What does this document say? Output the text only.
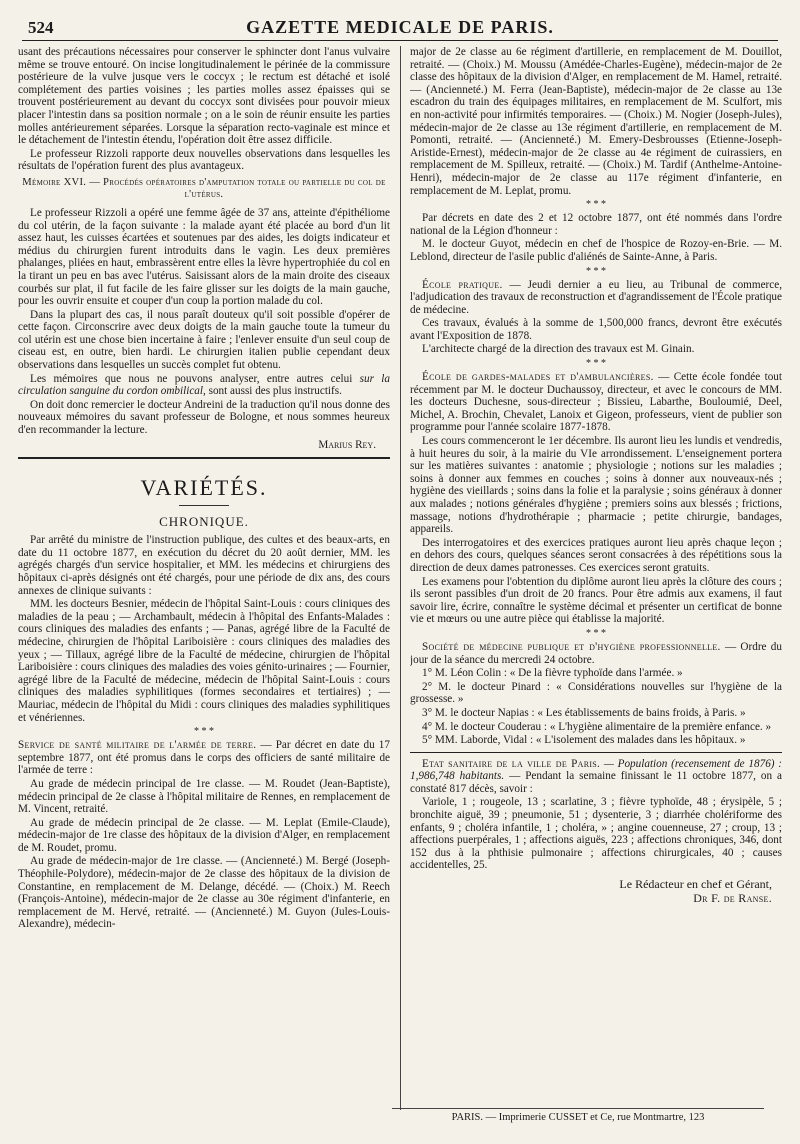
524	GAZETTE MEDICALE DE PARIS.

usant des précautions nécessaires pour conserver le sphincter dont l'anus vulvaire même se trouve entouré. On incise longitudinalement le périnée de la commissure postérieure de la vulve jusque vers le coccyx ; le rectum est détaché et isolé complétement des parties voisines ; les parties molles assez épaisses qui se trouvent postérieurement au devant du coccyx sont divisées pour pouvoir mieux placer l'intestin dans sa position normale ; on a le soin de réunir ensuite les parties molles antérieurement séparées. Lorsque la séparation recto-vaginale est mince et le détachement de l'intestin étendu, l'opération doit être assez difficile.

Le professeur Rizzoli rapporte deux nouvelles observations dans lesquelles les résultats de l'opération furent des plus avantageux.

Mémoire XVI. — Procédés opératoires d'amputation totale ou partielle du col de l'utérus.

Le professeur Rizzoli a opéré une femme âgée de 37 ans, atteinte d'épithéliome du col utérin, de la façon suivante : la malade ayant été placée au bord d'un lit assez haut, les cuisses écartées et soutenues par des aides, les doigts indicateur et médius du chirurgien furent introduits dans le vagin. Les deux premières phalanges, pliées en haut, embrassèrent entre elles la lèvre hypertrophiée du col en la tirant un peu en bas avec l'utérus. Saisissant alors de la main droite des ciseaux courbés sur plat, il fut facile de les faire glisser sur les doigts de la main gauche, pour les ouvrir ensuite et couper d'un coup la portion malade du col.

Dans la plupart des cas, il nous paraît douteux qu'il soit possible d'opérer de cette façon. Circonscrire avec deux doigts de la main gauche toute la tumeur du col utérin est une chose bien incertaine à faire ; l'enlever ensuite d'un seul coup de ciseau est, en outre, bien hardi. Le chirurgien italien publie cependant deux observations dans lesquelles un succès complet fut obtenu.

Les mémoires que nous ne pouvons analyser, entre autres celui sur la circulation sanguine du cordon ombilical, sont aussi des plus instructifs.

On doit donc remercier le docteur Andreini de la traduction qu'il nous donne des nouveaux mémoires du savant professeur de Bologne, et nous sommes heureux d'en recommander la lecture.

Marius Rey.

VARIÉTÉS.
CHRONIQUE.

Par arrêté du ministre de l'instruction publique, des cultes et des beaux-arts, en date du 11 octobre 1877, en exécution du décret du 20 août dernier, MM. les agrégés chargés d'un service hospitalier, et MM. les médecins et chirurgiens des hôpitaux ci-après désignés ont été chargés, pour une période de dix ans, des cours annexes de clinique suivants :

MM. les docteurs Besnier, médecin de l'hôpital Saint-Louis : cours cliniques des maladies de la peau ; — Archambault, médecin à l'hôpital des Enfants-Malades : cours cliniques des maladies des enfants ; — Panas, agrégé libre de la Faculté de médecine, chirurgien de l'hôpital Lariboisière : cours cliniques des maladies des yeux ; — Tillaux, agrégé libre de la Faculté de médecine, chirurgien de l'hôpital Lariboisière : cours cliniques des maladies des voies génito-urinaires ; — Fournier, agrégé libre de la Faculté de médecine, médecin de l'hôpital Saint-Louis : cours cliniques des maladies syphilitiques (formes secondaires et tertiaires) ; — Mauriac, médecin de l'hôpital du Midi : cours cliniques des maladies syphilitiques et vénériennes.

* * *

Service de santé militaire de l'armée de terre. — Par décret en date du 17 septembre 1877, ont été promus dans le corps des officiers de santé militaire de l'armée de terre :

Au grade de médecin principal de 1re classe. — M. Roudet (Jean-Baptiste), médecin principal de 2e classe à l'hôpital militaire de Rennes, en remplacement de M. Vincent, retraité.

Au grade de médecin principal de 2e classe. — M. Leplat (Emile-Claude), médecin-major de 1re classe des hôpitaux de la division d'Alger, en remplacement de M. Roudet, promu.

Au grade de médecin-major de 1re classe. — (Ancienneté.) M. Bergé (Joseph-Théophile-Polydore), médecin-major de 2e classe des hôpitaux de la division de Constantine, en remplacement de M. Delange, décédé. — (Choix.) M. Reech (François-Antoine), médecin-major de 2e classe au 30e régiment d'infanterie, en remplacement de M. Hervé, retraité. — (Ancienneté.) M. Guyon (Jules-Louis-Alexandre), médecin-

major de 2e classe au 6e régiment d'artillerie, en remplacement de M. Douillot, retraité. — (Choix.) M. Moussu (Amédée-Charles-Eugène), médecin-major de 2e classe des hôpitaux de la division d'Alger, en remplacement de M. Hamel, retraité. — (Ancienneté.) M. Ferra (Jean-Baptiste), médecin-major de 2e classe au 13e escadron du train des équipages militaires, en remplacement de M. Sculfort, mis en non-activité pour infirmités temporaires. — (Choix.) M. Nogier (Joseph-Jules), médecin-major de 2e classe au 13e régiment d'artillerie, en remplacement de M. Pomonti, retraité. — (Ancienneté.) M. Emery-Desbrousses (Etienne-Joseph-Aristide-Ernest), médecin-major de 2e classe au 4e régiment de cuirassiers, en remplacement de M. Spilleux, retraité. — (Choix.) M. Tardif (Anthelme-Antoine-Henri), médecin-major de 2e classe au 117e régiment d'infanterie, en remplacement de M. Leplat, promu.

* * *

Par décrets en date des 2 et 12 octobre 1877, ont été nommés dans l'ordre national de la Légion d'honneur :

M. le docteur Guyot, médecin en chef de l'hospice de Rozoy-en-Brie. — M. Leblond, directeur de l'asile public d'aliénés de Sainte-Anne, à Paris.

* * *

École pratique. — Jeudi dernier a eu lieu, au Tribunal de commerce, l'adjudication des travaux de reconstruction et d'agrandissement de l'École pratique de médecine.

Ces travaux, évalués à la somme de 1,500,000 francs, devront être exécutés avant l'Exposition de 1878.

L'architecte chargé de la direction des travaux est M. Ginain.

* * *

École de gardes-malades et d'ambulancières. — Cette école fondée tout récemment par M. le docteur Duchaussoy, directeur, et avec le concours de MM. les docteurs Duchesne, sous-directeur ; Bissieu, Labarthe, Bouloumié, Deel, Michel, A. Brochin, Chevalet, Lanoix et Gigeon, professeurs, vient de publier son programme pour l'année scolaire 1877-1878.

Les cours commenceront le 1er décembre. Ils auront lieu les lundis et vendredis, à huit heures du soir, à la mairie du VIe arrondissement. L'enseignement portera sur les matières suivantes : anatomie ; physiologie ; notions sur les maladies ; soins à donner aux femmes en couches ; soins à donner aux nouveaux-nés ; hygiène des vieillards ; soins dans la folie et la paralysie ; soins généraux à donner aux malades ; notions générales d'hygiène ; premiers soins aux blessés ; frictions, massage, notions d'hydrothérapie ; pharmacie ; petite chirurgie, bandages, appareils.

Des interrogatoires et des exercices pratiques auront lieu après chaque leçon ; en dehors des cours, quelques séances seront consacrées à des répétitions sous la direction de deux dames patronesses. Ces exercices seront gratuits.

Les examens pour l'obtention du diplôme auront lieu après la clôture des cours ; ils seront passibles d'un droit de 20 francs. Pour être admis aux examens, il faut savoir lire, écrire, connaître le système décimal et présenter un certificat de bonne vie et mœurs ou une autre pièce qui établisse la majorité.

* * *

Société de médecine publique et d'hygiène professionnelle. — Ordre du jour de la séance du mercredi 24 octobre.

1° M. Léon Colin : « De la fièvre typhoïde dans l'armée. »

2° M. le docteur Pinard : « Considérations nouvelles sur l'hygiène de la grossesse. »

3° M. le docteur Napias : « Les établissements de bains froids, à Paris. »

4° M. le docteur Couderau : « L'hygiène alimentaire de la première enfance. »

5° MM. Laborde, Vidal : « L'isolement des malades dans les hôpitaux. »

Etat sanitaire de la ville de Paris. — Population (recensement de 1876) : 1,986,748 habitants. — Pendant la semaine finissant le 11 octobre 1877, on a constaté 817 décès, savoir :

Variole, 1 ; rougeole, 13 ; scarlatine, 3 ; fièvre typhoïde, 48 ; érysipèle, 5 ; bronchite aiguë, 39 ; pneumonie, 51 ; dysenterie, 3 ; diarrhée cholériforme des enfants, 9 ; choléra infantile, 1 ; choléra, » ; angine couenneuse, 27 ; croup, 13 ; affections puerpérales, 1 ; affections aiguës, 223 ; affections chroniques, 346, dont 152 dus à la phthisie pulmonaire ; affections chirurgicales, 40 ; causes accidentelles, 25.

Le Rédacteur en chef et Gérant,

Dr F. de Ranse.

PARIS. — Imprimerie CUSSET et Ce, rue Montmartre, 123
